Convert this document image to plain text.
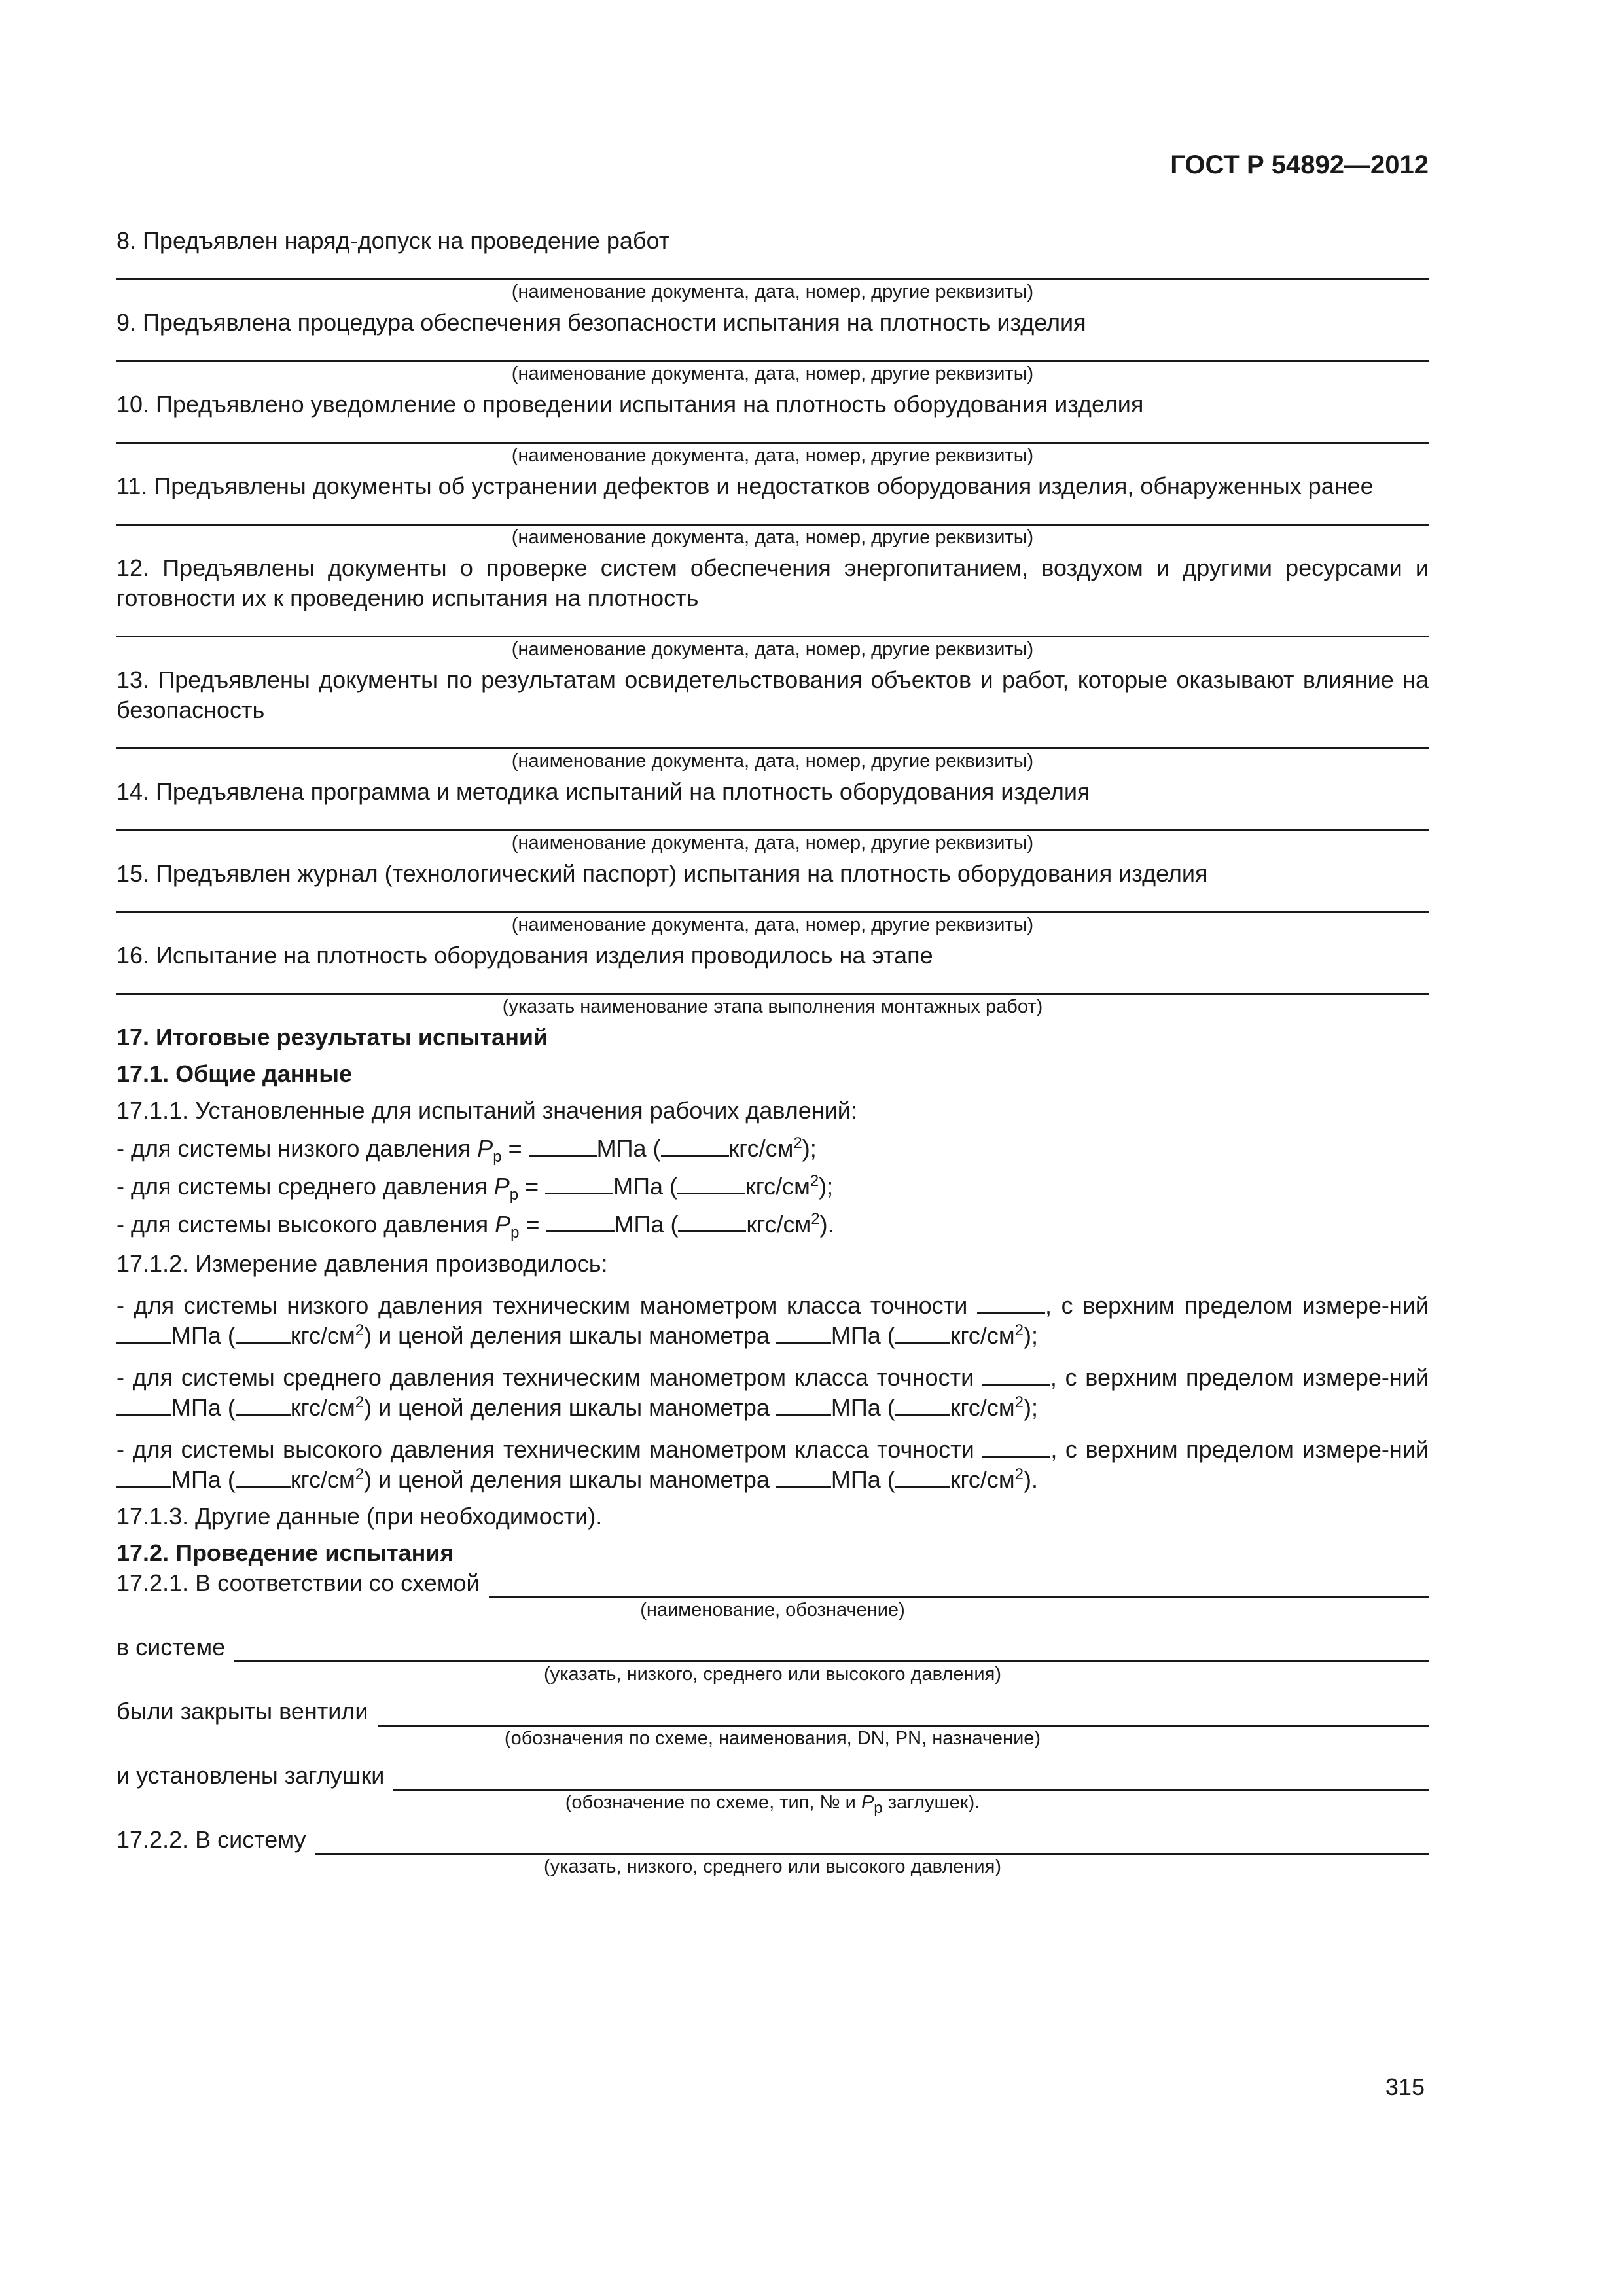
ГОСТ Р 54892—2012

8. Предъявлен наряд-допуск на проведение работ

(наименование документа, дата, номер, другие реквизиты)

9. Предъявлена процедура обеспечения безопасности испытания на плотность изделия

(наименование документа, дата, номер, другие реквизиты)

10. Предъявлено уведомление о проведении испытания на плотность оборудования изделия

(наименование документа, дата, номер, другие реквизиты)

11. Предъявлены документы об устранении дефектов и недостатков оборудования изделия, обнаруженных ранее

(наименование документа, дата, номер, другие реквизиты)

12. Предъявлены документы о проверке систем обеспечения энергопитанием, воздухом и другими ресурсами и готовности их к проведению испытания на плотность

(наименование документа, дата, номер, другие реквизиты)

13. Предъявлены документы по результатам освидетельствования объектов и работ, которые оказывают влияние на безопасность

(наименование документа, дата, номер, другие реквизиты)

14. Предъявлена программа и методика испытаний на плотность оборудования изделия

(наименование документа, дата, номер, другие реквизиты)

15. Предъявлен журнал (технологический паспорт) испытания на плотность оборудования изделия

(наименование документа, дата, номер, другие реквизиты)

16. Испытание на плотность оборудования изделия проводилось на этапе

(указать наименование этапа выполнения монтажных работ)

17. Итоговые результаты испытаний

17.1. Общие данные

17.1.1. Установленные для испытаний значения рабочих давлений:

- для системы низкого давления $P_р$ =	МПа (	кгс/$см^2$);

- для системы среднего давления $P_р$ =	МПа (	кгс/$см^2$);

- для системы высокого давления $P_р$ =	МПа (	кгс/$см^2$).

17.1.2. Измерение давления производилось:

- для системы низкого давления техническим манометром класса точности	, с верхним пределом измере-ний МПа ( кгс/$см^2$) и ценой деления шкалы манометра МПа ( кгс/$см^2$);

- для системы среднего давления техническим манометром класса точности	, с верхним пределом измере-ний МПа ( кгс/$см^2$) и ценой деления шкалы манометра МПа ( кгс/$см^2$);

- для системы высокого давления техническим манометром класса точности	, с верхним пределом измере-ний МПа ( кгс/$см^2$) и ценой деления шкалы манометра МПа ( кгс/$см^2$).

17.1.3. Другие данные (при необходимости).

17.2. Проведение испытания

17.2.1. В соответствии со схемой
(наименование, обозначение)
в системе
(указать, низкого, среднего или высокого давления)
были закрыты вентили
(обозначения по схеме, наименования, DN, PN, назначение)
и установлены заглушки
(обозначение по схеме, тип, № и $P_р$ заглушек).
17.2.2. В систему
(указать, низкого, среднего или высокого давления)
315
